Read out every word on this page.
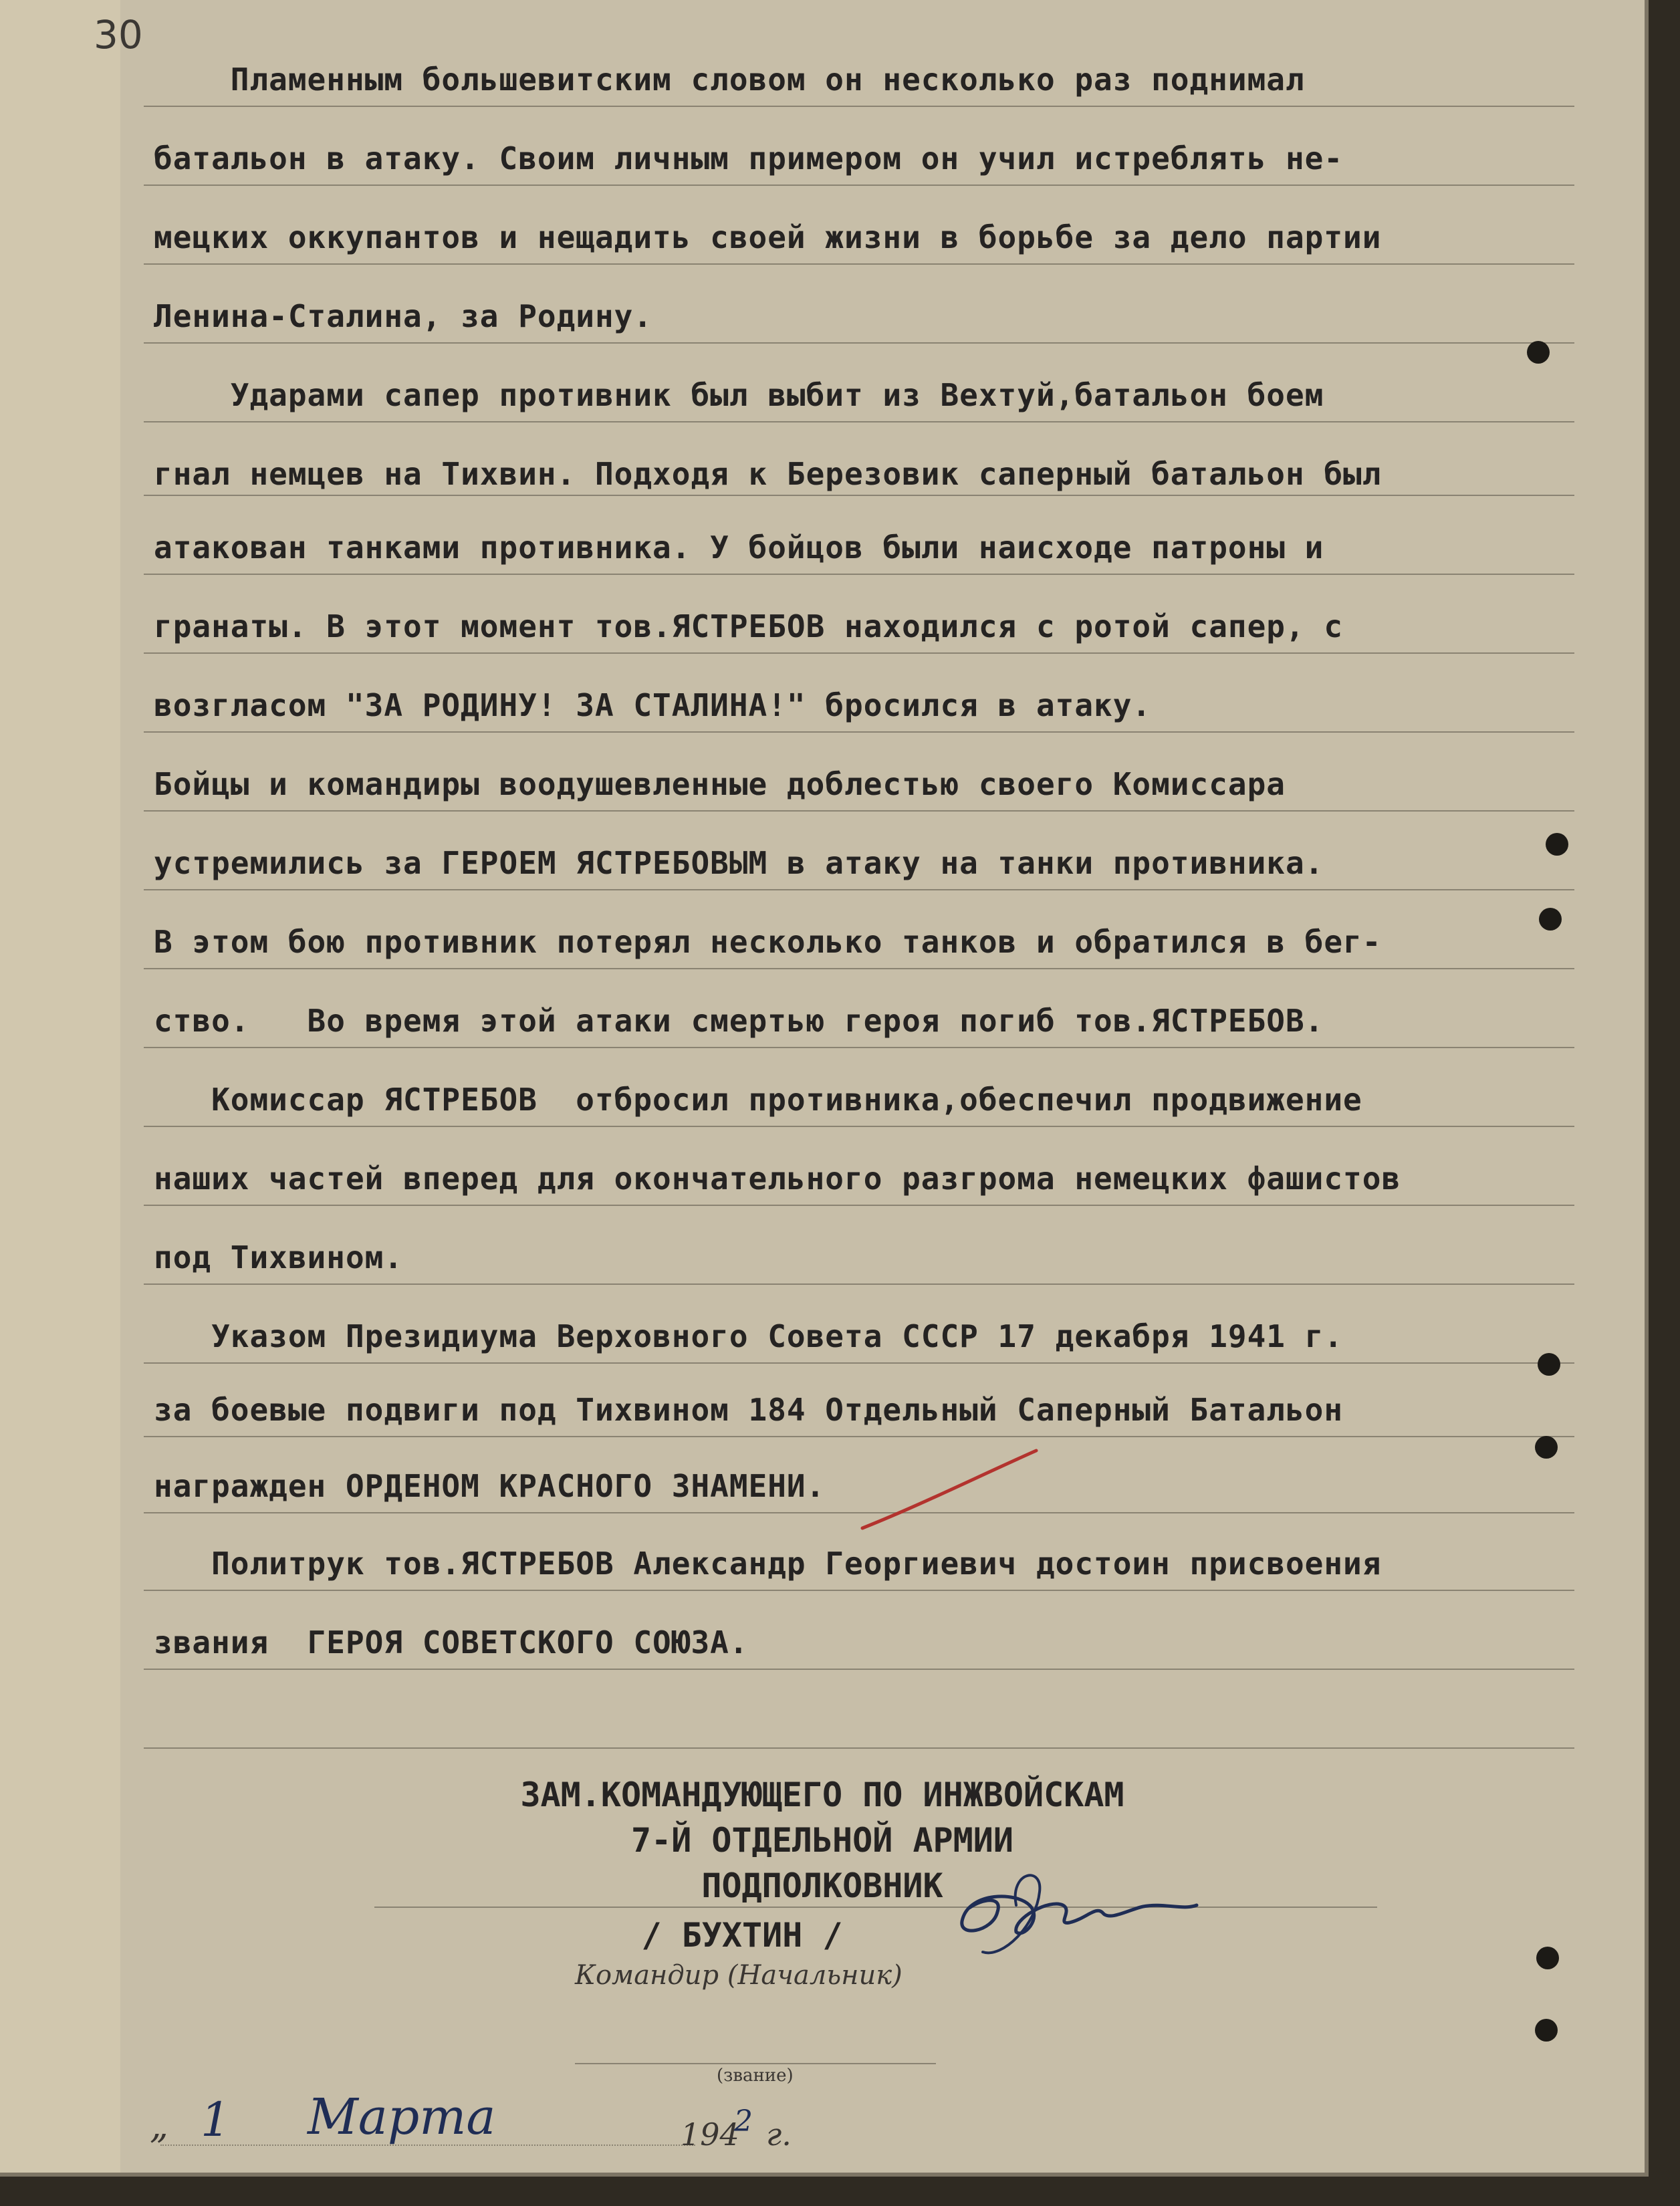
30
Пламенным большевитским словом он несколько раз поднимал
батальон в атаку. Своим личным примером он учил истреблять не-
мецких оккупантов и нещадить своей жизни в борьбе за дело партии
Ленина-Сталина, за Родину.
Ударами сапер противник был выбит из Вехтуй,батальон боем
гнал немцев на Тихвин. Подходя к Березовик саперный батальон был
атакован танками противника. У бойцов были наисходе патроны и
гранаты. В этот момент тов.ЯСТРЕБОВ находился с ротой сапер, с
возгласом "ЗА РОДИНУ! ЗА СТАЛИНА!" бросился в атаку.
Бойцы и командиры воодушевленные доблестью своего Комиссара
устремились за ГЕРОЕМ ЯСТРЕБОВЫМ в атаку на танки противника.
В этом бою противник потерял несколько танков и обратился в бег-
ство.   Во время этой атаки смертью героя погиб тов.ЯСТРЕБОВ.
Комиссар ЯСТРЕБОВ  отбросил противника,обеспечил продвижение
наших частей вперед для окончательного разгрома немецких фашистов
под Тихвином.
Указом Президиума Верховного Совета СССР 17 декабря 1941 г.
за боевые подвиги под Тихвином 184 Отдельный Саперный Батальон
награжден ОРДЕНОМ КРАСНОГО ЗНАМЕНИ.
Политрук тов.ЯСТРЕБОВ Александр Георгиевич достоин присвоения
звания  ГЕРОЯ СОВЕТСКОГО СОЮЗА.
ЗАМ.КОМАНДУЮЩЕГО ПО ИНЖВОЙСКАМ
7-Й ОТДЕЛЬНОЙ АРМИИ
ПОДПОЛКОВНИК
/ БУХТИН /
Командир (Начальник)
(звание)
„ 1 Марта	194
2 г.
